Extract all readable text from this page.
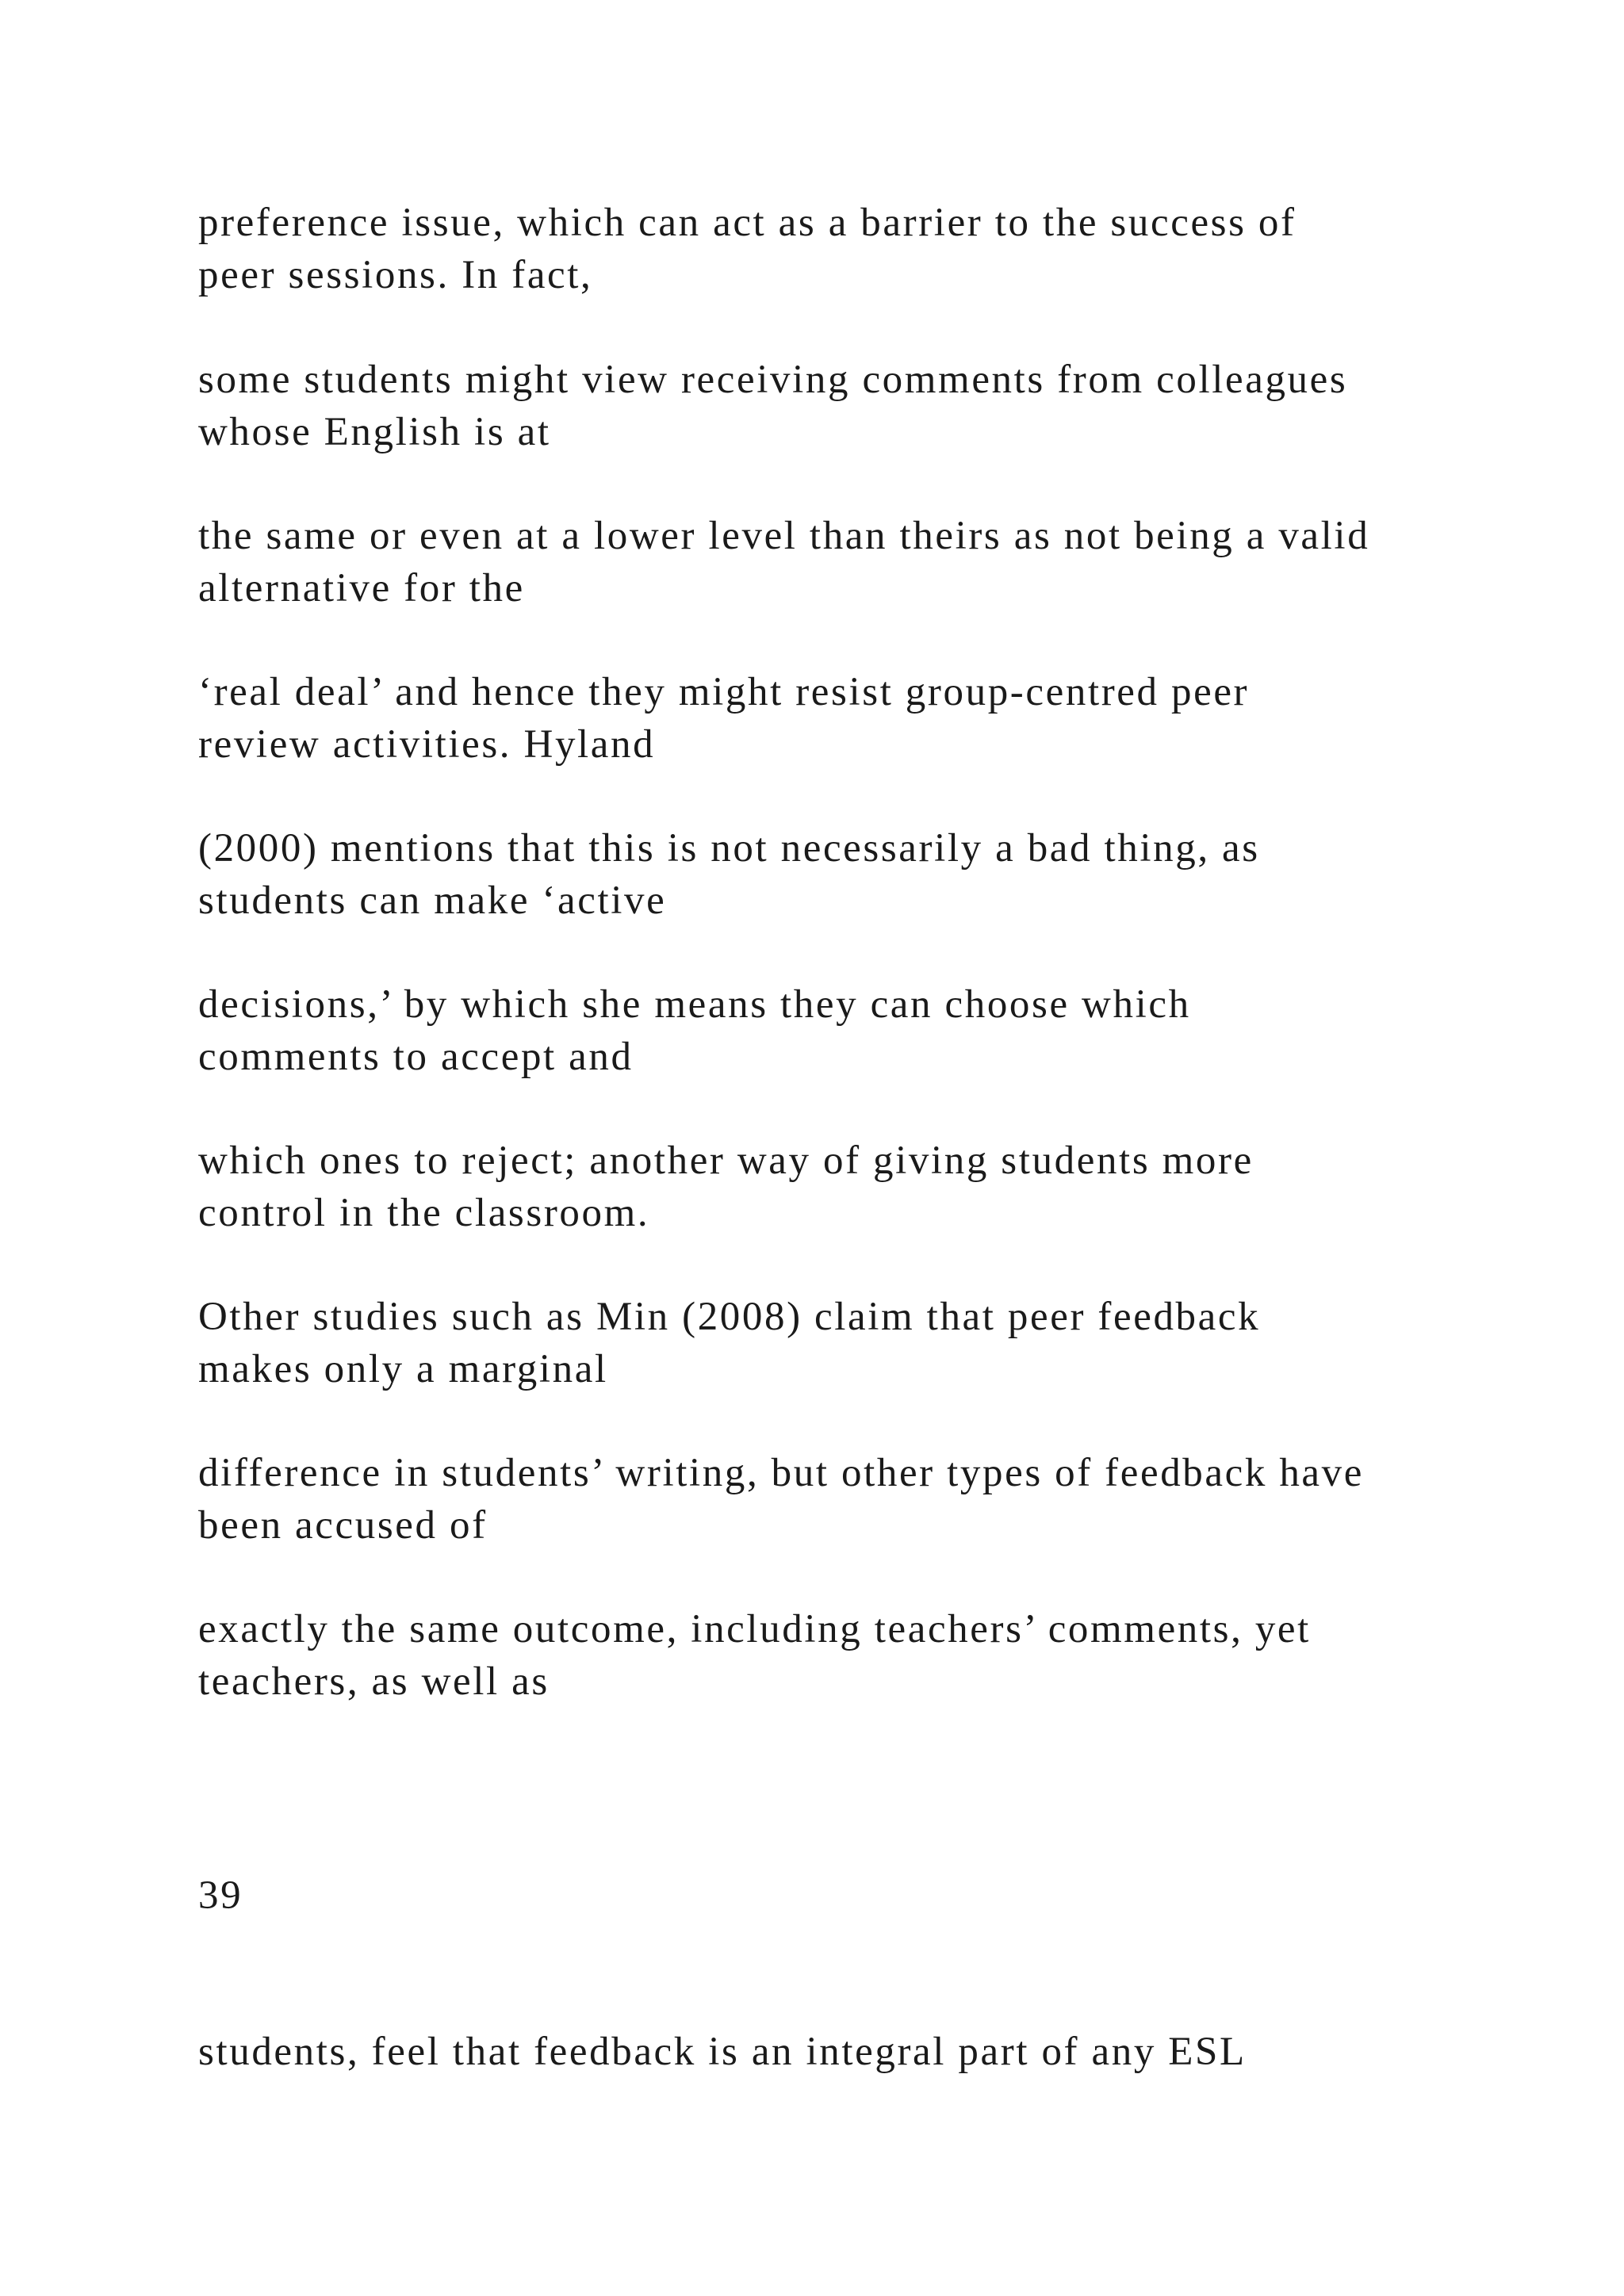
preference issue, which can act as a barrier to the success of
peer sessions. In fact,

some students might view receiving comments from colleagues
whose English is at

the same or even at a lower level than theirs as not being a valid
alternative for the

‘real deal’ and hence they might resist group-centred peer
review activities. Hyland

(2000) mentions that this is not necessarily a bad thing, as
students can make ‘active

decisions,’ by which she means they can choose which
comments to accept and

which ones to reject; another way of giving students more
control in the classroom.

Other studies such as Min (2008) claim that peer feedback
makes only a marginal

difference in students’ writing, but other types of feedback have
been accused of

exactly the same outcome, including teachers’ comments, yet
teachers, as well as

39

students, feel that feedback is an integral part of any ESL
